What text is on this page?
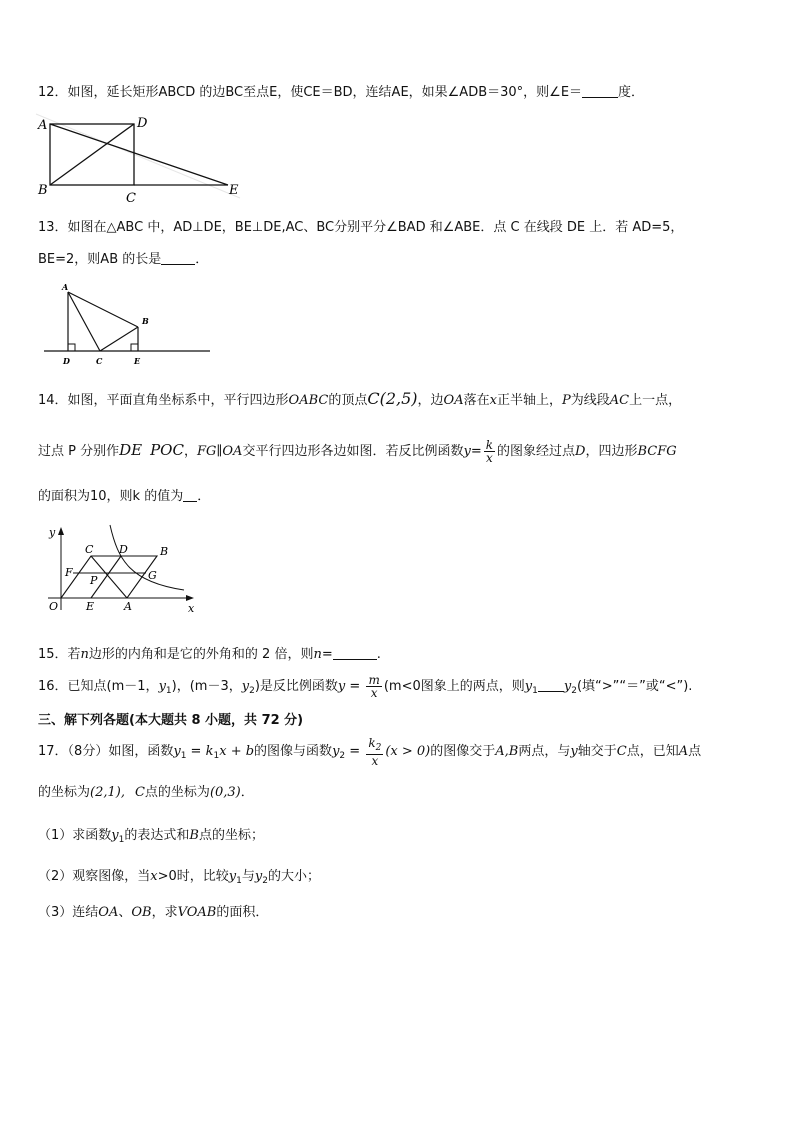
12．如图，延长矩形ABCD 的边BC至点E，使CE＝BD，连结AE，如果∠ADB＝30°，则∠E＝	度．
A	D
B
C
E
13．如图在△ABC 中，AD⊥DE，BE⊥DE,AC、BC分别平分∠BAD 和∠ABE．点 C 在线段 DE 上．若 AD=5，
BE=2，则AB 的长是	．
A
B
D	C	E
14．如图，平面直角坐标系中，平行四边形OABC的顶点C(2,5)，边OA落在x正半轴上，P为线段AC上一点，
过点 P 分别作DE POC，FG∥OA交平行四边形各边如图．若反比例函数$y= \frac{k}{x}$ 的图象经过点D，四边形BCFG
的面积为10，则k 的值为 ．
y
x
O
C D	B
F
P	G
E	A
15．若n边形的内角和是它的外角和的 2 倍，则n=	.
16．已知点(m－1，$y_1$)，(m－3，$y_2$)是反比例函数$y = \frac{m}{x} (m<0$图象上的两点，则$y_1$ $y_2$(填“>”“＝”或“<”).
三、解下列各题(本大题共 8 小题，共 72 分)
17．（8分）如图，函数$y_1 = k_1x + b$的图像与函数$y_2 = \frac{k_2}{x} (x > 0)$的图像交于A,B两点，与y轴交于C点，已知A点
的坐标为(2,1), C点的坐标为(0,3)．
（1）求函数$y_1$的表达式和B点的坐标；
（2）观察图像，当x>0时，比较$y_1$与$y_2$的大小；
（3）连结OA、OB，求VOAB的面积．
